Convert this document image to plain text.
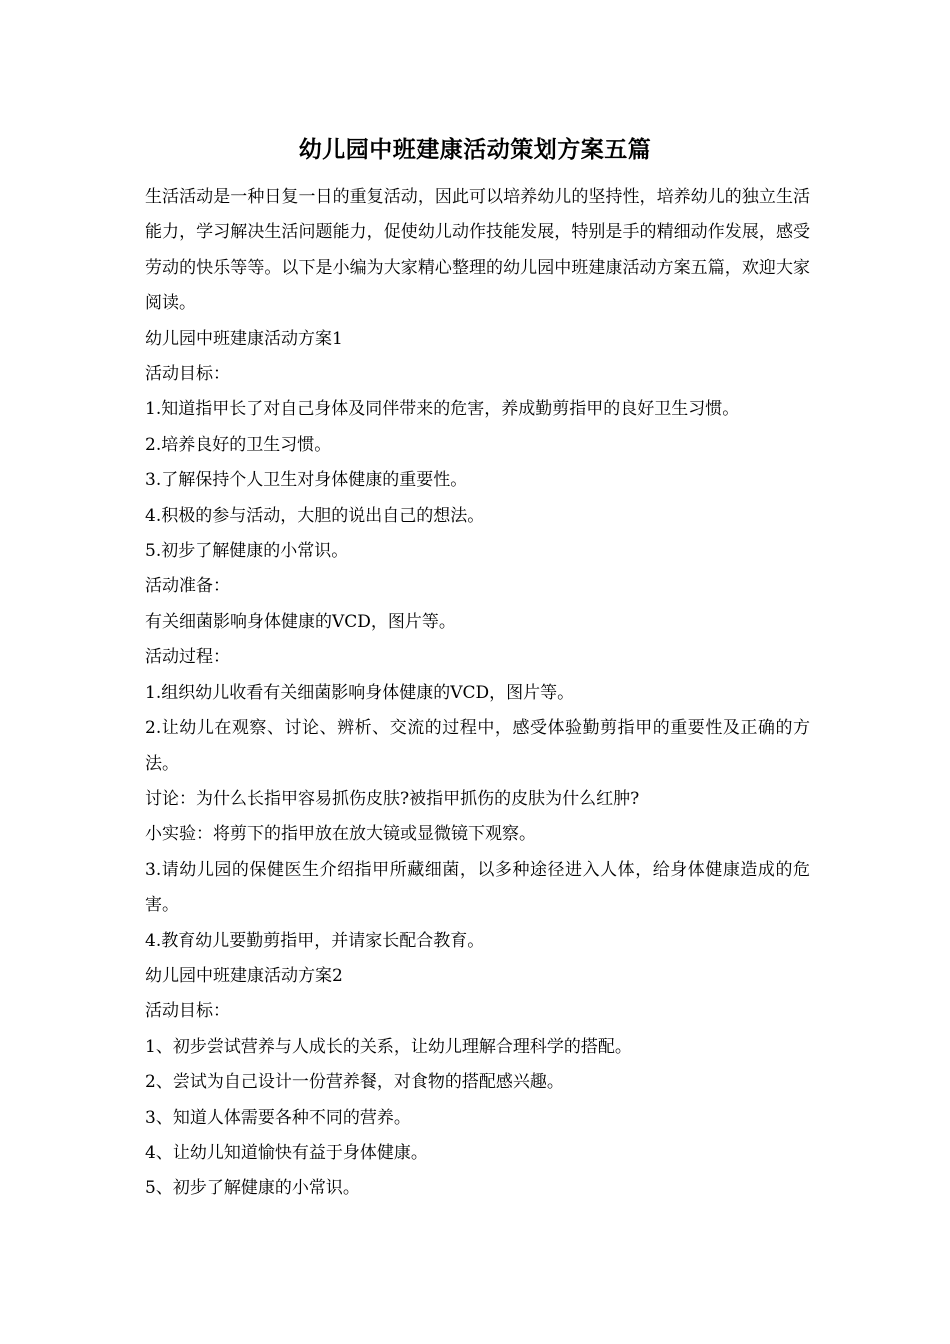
幼儿园中班建康活动策划方案五篇

生活活动是一种日复一日的重复活动，因此可以培养幼儿的坚持性，培养幼儿的独立生活能力，学习解决生活问题能力，促使幼儿动作技能发展，特别是手的精细动作发展，感受劳动的快乐等等。以下是小编为大家精心整理的幼儿园中班建康活动方案五篇，欢迎大家阅读。

幼儿园中班建康活动方案1

活动目标：

1.知道指甲长了对自己身体及同伴带来的危害，养成勤剪指甲的良好卫生习惯。

2.培养良好的卫生习惯。

3.了解保持个人卫生对身体健康的重要性。

4.积极的参与活动，大胆的说出自己的想法。

5.初步了解健康的小常识。

活动准备：

有关细菌影响身体健康的VCD，图片等。

活动过程：

1.组织幼儿收看有关细菌影响身体健康的VCD，图片等。

2.让幼儿在观察、讨论、辨析、交流的过程中，感受体验勤剪指甲的重要性及正确的方法。

讨论：为什么长指甲容易抓伤皮肤?被指甲抓伤的皮肤为什么红肿?

小实验：将剪下的指甲放在放大镜或显微镜下观察。

3.请幼儿园的保健医生介绍指甲所藏细菌，以多种途径进入人体，给身体健康造成的危害。

4.教育幼儿要勤剪指甲，并请家长配合教育。

幼儿园中班建康活动方案2

活动目标：

1、初步尝试营养与人成长的关系，让幼儿理解合理科学的搭配。

2、尝试为自己设计一份营养餐，对食物的搭配感兴趣。

3、知道人体需要各种不同的营养。

4、让幼儿知道愉快有益于身体健康。

5、初步了解健康的小常识。
